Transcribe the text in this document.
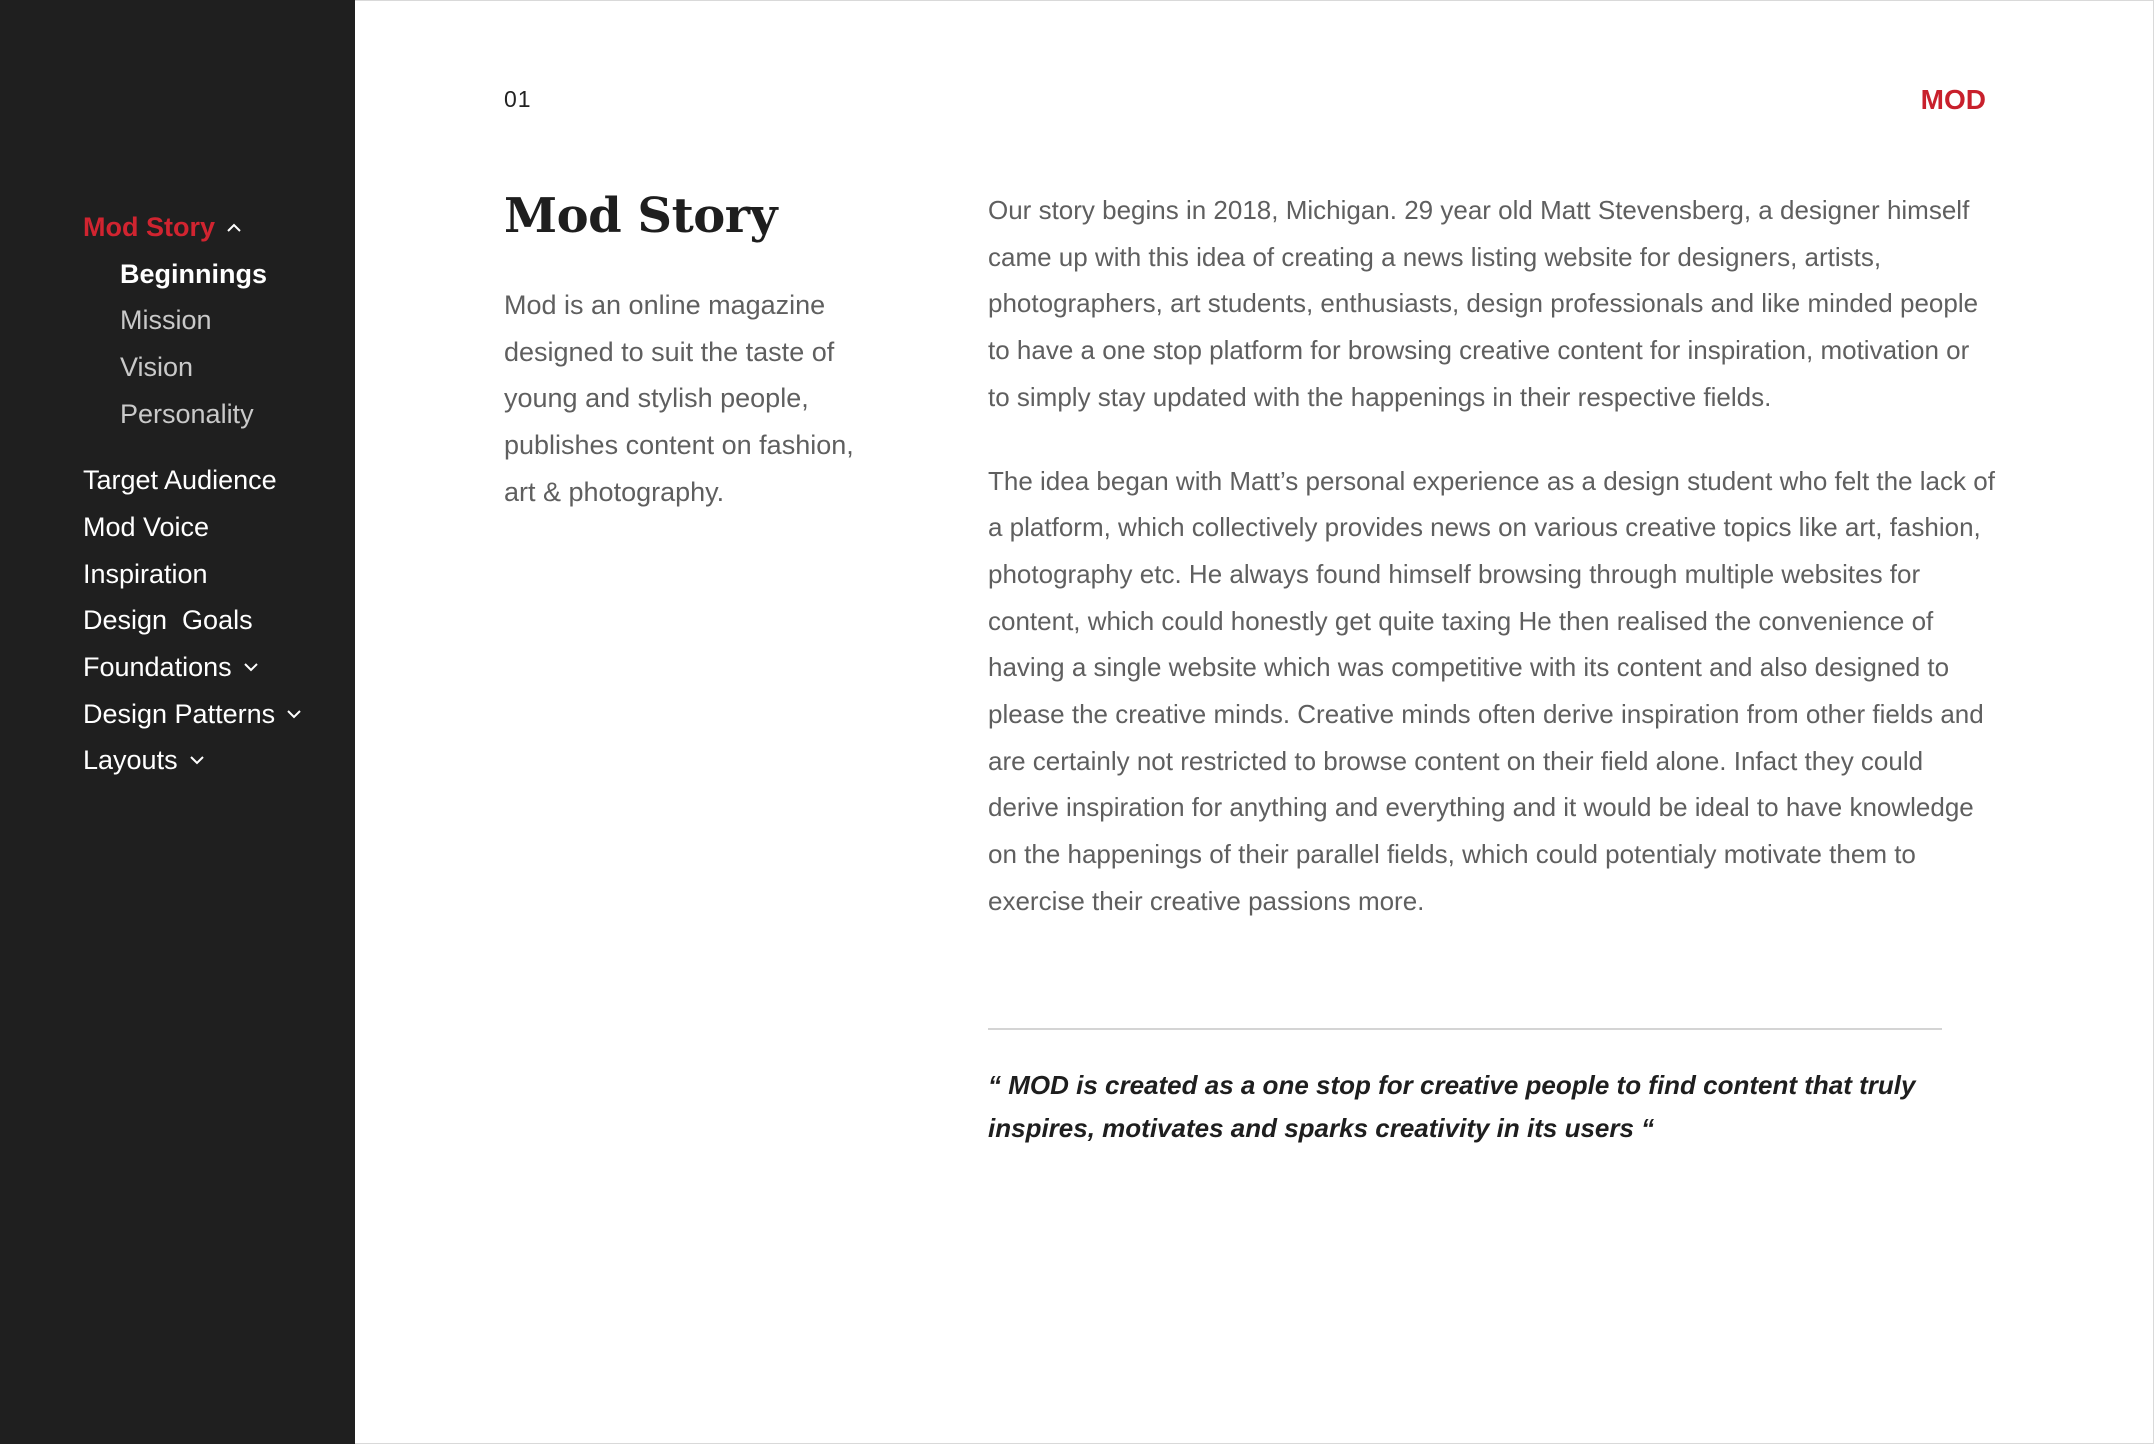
Mod Story
Beginnings
Mission
Vision
Personality
Target Audience
Mod Voice
Inspiration
Design  Goals
Foundations
Design Patterns
Layouts
01	MOD
Mod Story

Mod is an online magazine designed to suit the taste of young and stylish people, publishes content on fashion, art & photography.

Our story begins in 2018, Michigan. 29 year old Matt Stevensberg, a designer himself came up with this idea of creating a news listing website for designers, artists, photographers, art students, enthusiasts, design professionals and like minded people to have a one stop platform for browsing creative content for inspiration, motivation or to simply stay updated with the happenings in their respective fields.

The idea began with Matt’s personal experience as a design student who felt the lack of a platform, which collectively provides news on various creative topics like art, fashion, photography etc. He always found himself browsing through multiple websites for content, which could honestly get quite taxing He then realised the convenience of having a single website which was competitive with its content and also designed to please the creative minds. Creative minds often derive inspiration from other fields and are certainly not restricted to browse content on their field alone. Infact they could derive inspiration for anything and everything and it would be ideal to have knowledge on the happenings of their parallel fields, which could potentialy motivate them to exercise their creative passions more.

“ MOD is created as a one stop for creative people to find content that truly inspires, motivates and sparks creativity in its users “
